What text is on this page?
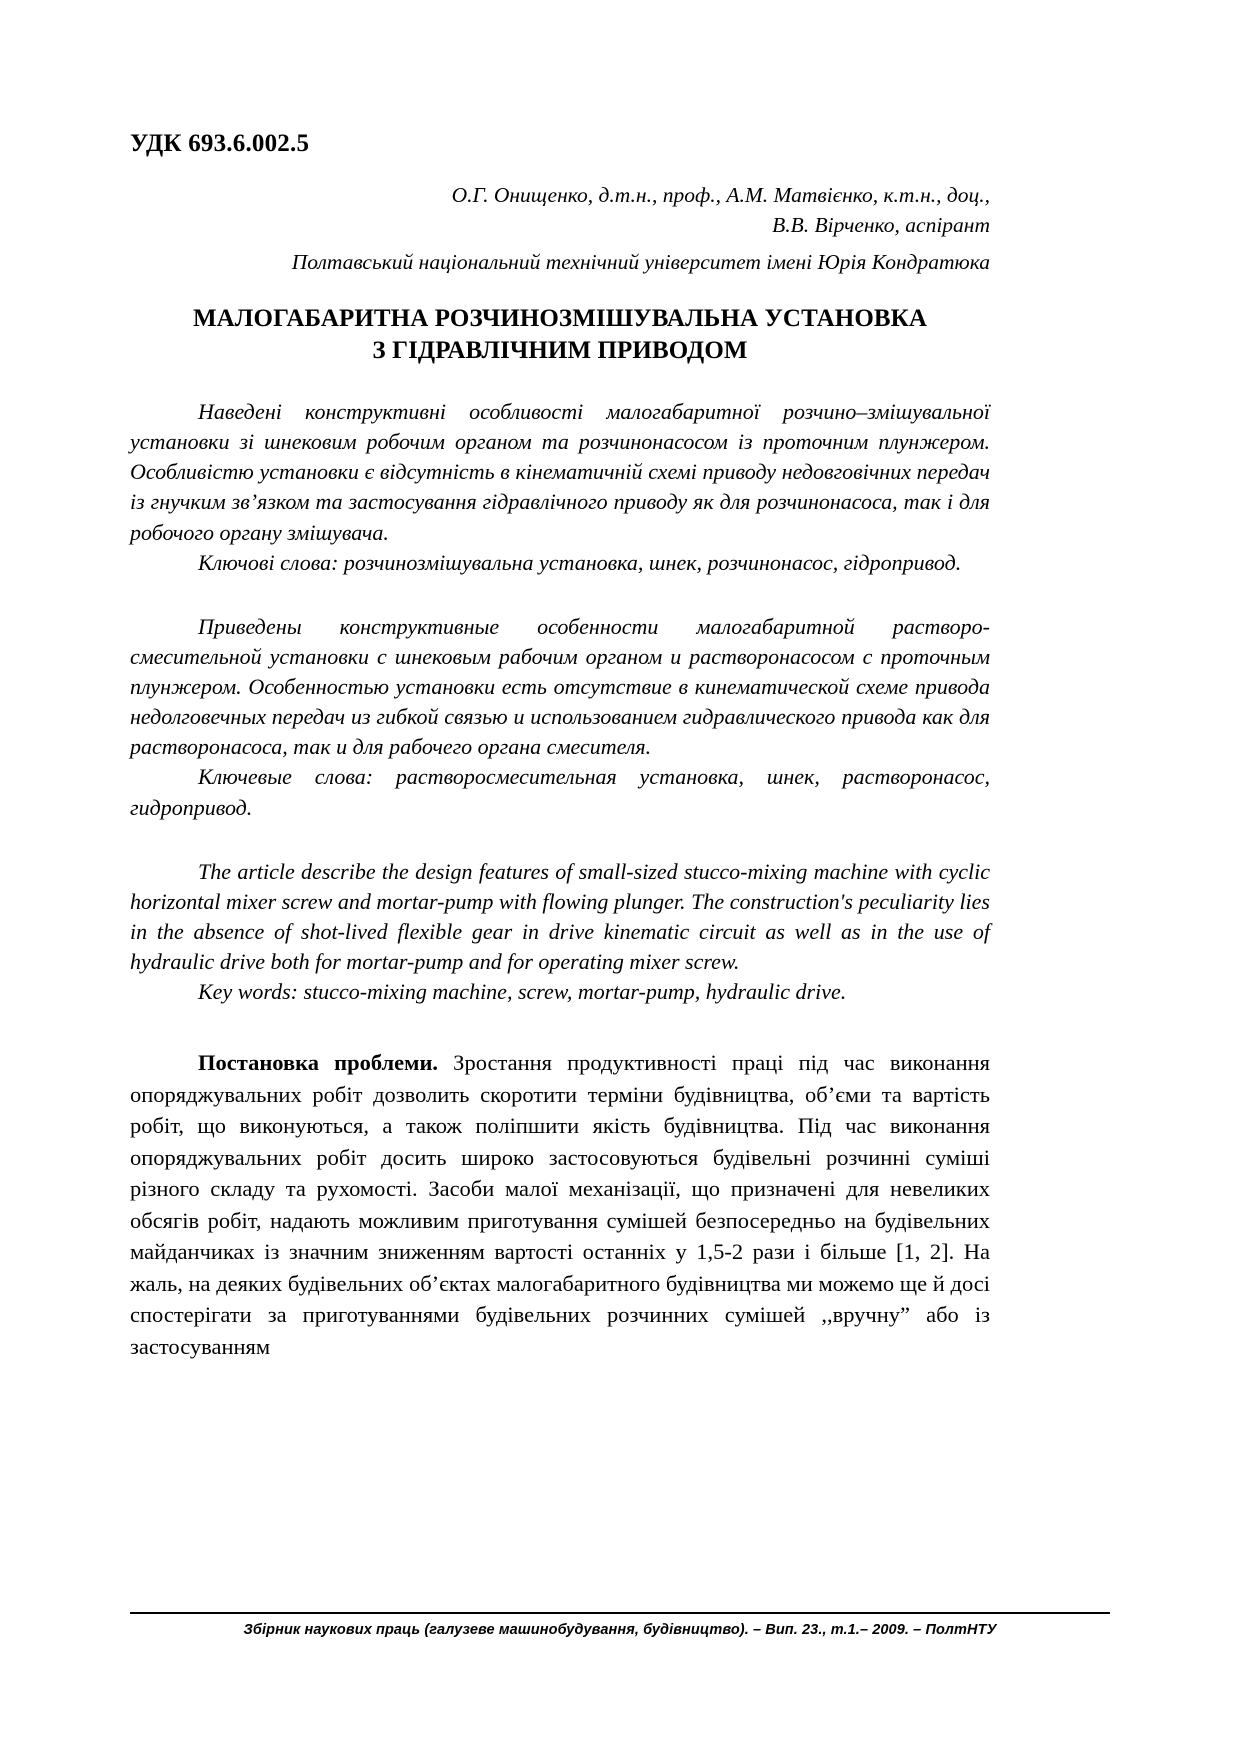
УДК 693.6.002.5
О.Г. Онищенко, д.т.н., проф., А.М. Матвієнко, к.т.н., доц.,
В.В. Вірченко, аспірант
Полтавський національний технічний університет імені Юрія Кондратюка
МАЛОГАБАРИТНА РОЗЧИНОЗМІШУВАЛЬНА УСТАНОВКА
З ГІДРАВЛІЧНИМ ПРИВОДОМ

Наведені конструктивні особливості малогабаритної розчино–змішувальної установки зі шнековим робочим органом та розчинонасосом із проточним плунжером. Особливістю установки є відсутність в кінематичній схемі приводу недовговічних передач із гнучким зв’язком та застосування гідравлічного приводу як для розчинонасоса, так і для робочого органу змішувача.

Ключові слова: розчинозмішувальна установка, шнек, розчинонасос, гідропривод.

Приведены конструктивные особенности малогабаритной растворо-смесительной установки с шнековым рабочим органом и растворонасосом с проточным плунжером. Особенностью установки есть отсутствие в кинематической схеме привода недолговечных передач из гибкой связью и использованием гидравлического привода как для растворонасоса, так и для рабочего органа смесителя.

Ключевые слова: растворосмесительная установка, шнек, растворонасос, гидропривод.

The article describe the design features of small-sized stucco-mixing machine with cyclic horizontal mixer screw and mortar-pump with flowing plunger. The construction's peculiarity lies in the absence of shot-lived flexible gear in drive kinematic circuit as well as in the use of hydraulic drive both for mortar-pump and for operating mixer screw.

Key words: stucco-mixing machine, screw, mortar-pump, hydraulic drive.

Постановка проблеми. Зростання продуктивності праці під час виконання опоряджувальних робіт дозволить скоротити терміни будівництва, об’єми та вартість робіт, що виконуються, а також поліпшити якість будівництва. Під час виконання опоряджувальних робіт досить широко застосовуються будівельні розчинні суміші різного складу та рухомості. Засоби малої механізації, що призначені для невеликих обсягів робіт, надають можливим приготування сумішей безпосередньо на будівельних майданчиках із значним зниженням вартості останніх у 1,5-2 рази і більше [1, 2]. На жаль, на деяких будівельних об’єктах малогабаритного будівництва ми можемо ще й досі спостерігати за приготуваннями будівельних розчинних сумішей ,,вручну” або із застосуванням

Збірник наукових праць (галузеве машинобудування, будівництво). – Вип. 23., т.1.– 2009. – ПолтНТУ
